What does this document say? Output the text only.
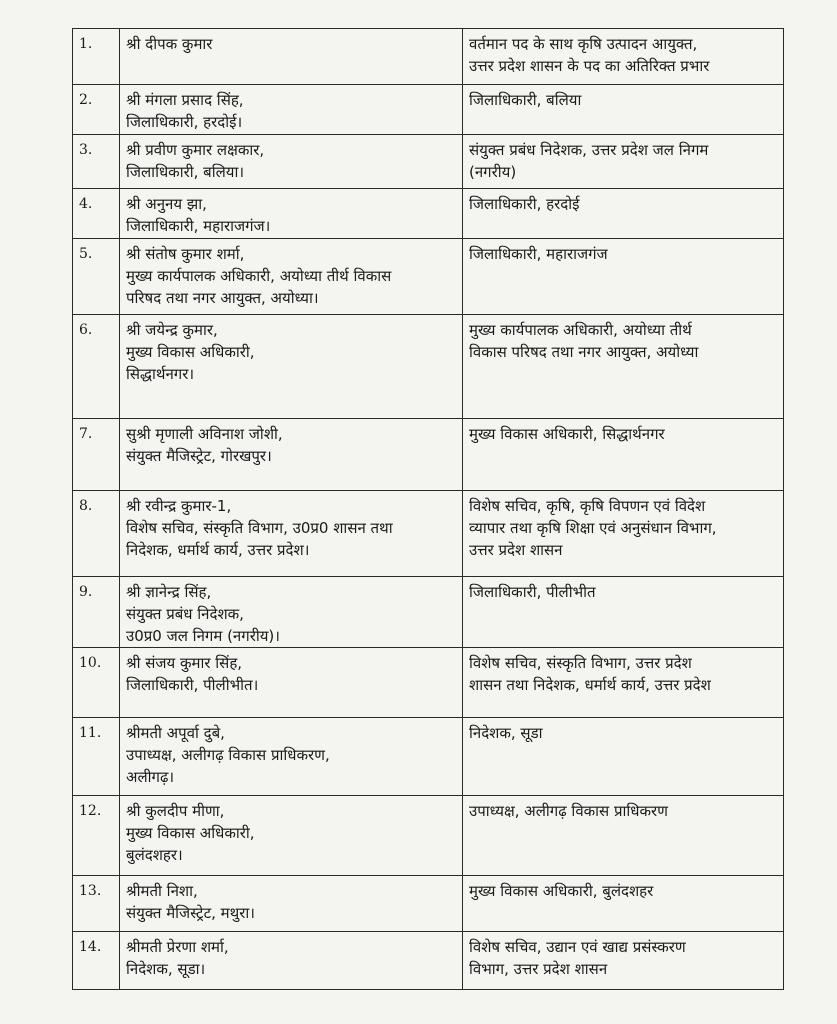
1.	श्री दीपक कुमार	वर्तमान पद के साथ कृषि उत्पादन आयुक्त,
उत्तर प्रदेश शासन के पद का अतिरिक्त प्रभार

2.	श्री मंगला प्रसाद सिंह,
जिलाधिकारी, हरदोई।	जिलाधिकारी, बलिया

3.	श्री प्रवीण कुमार लक्षकार,
जिलाधिकारी, बलिया।	संयुक्त प्रबंध निदेशक, उत्तर प्रदेश जल निगम
(नगरीय)

4.	श्री अनुनय झा,
जिलाधिकारी, महाराजगंज।	जिलाधिकारी, हरदोई

5.	श्री संतोष कुमार शर्मा,
मुख्य कार्यपालक अधिकारी, अयोध्या तीर्थ विकास
परिषद तथा नगर आयुक्त, अयोध्या।	जिलाधिकारी, महाराजगंज

6.	श्री जयेन्द्र कुमार,
मुख्य विकास अधिकारी,
सिद्धार्थनगर।	मुख्य कार्यपालक अधिकारी, अयोध्या तीर्थ
विकास परिषद तथा नगर आयुक्त, अयोध्या

7.	सुश्री मृणाली अविनाश जोशी,
संयुक्त मैजिस्ट्रेट, गोरखपुर।	मुख्य विकास अधिकारी, सिद्धार्थनगर

8.	श्री रवीन्द्र कुमार-1,
विशेष सचिव, संस्कृति विभाग, उ0प्र0 शासन तथा
निदेशक, धर्मार्थ कार्य, उत्तर प्रदेश।	विशेष सचिव, कृषि, कृषि विपणन एवं विदेश
व्यापार तथा कृषि शिक्षा एवं अनुसंधान विभाग,
उत्तर प्रदेश शासन

9.	श्री ज्ञानेन्द्र सिंह,
संयुक्त प्रबंध निदेशक,
उ0प्र0 जल निगम (नगरीय)।	जिलाधिकारी, पीलीभीत

10.	श्री संजय कुमार सिंह,
जिलाधिकारी, पीलीभीत।	विशेष सचिव, संस्कृति विभाग, उत्तर प्रदेश
शासन तथा निदेशक, धर्मार्थ कार्य, उत्तर प्रदेश

11.	श्रीमती अपूर्वा दुबे,
उपाध्यक्ष, अलीगढ़ विकास प्राधिकरण,
अलीगढ़।	निदेशक, सूडा

12.	श्री कुलदीप मीणा,
मुख्य विकास अधिकारी,
बुलंदशहर।	उपाध्यक्ष, अलीगढ़ विकास प्राधिकरण

13.	श्रीमती निशा,
संयुक्त मैजिस्ट्रेट, मथुरा।	मुख्य विकास अधिकारी, बुलंदशहर

14.	श्रीमती प्रेरणा शर्मा,
निदेशक, सूडा।	विशेष सचिव, उद्यान एवं खाद्य प्रसंस्करण
विभाग, उत्तर प्रदेश शासन
